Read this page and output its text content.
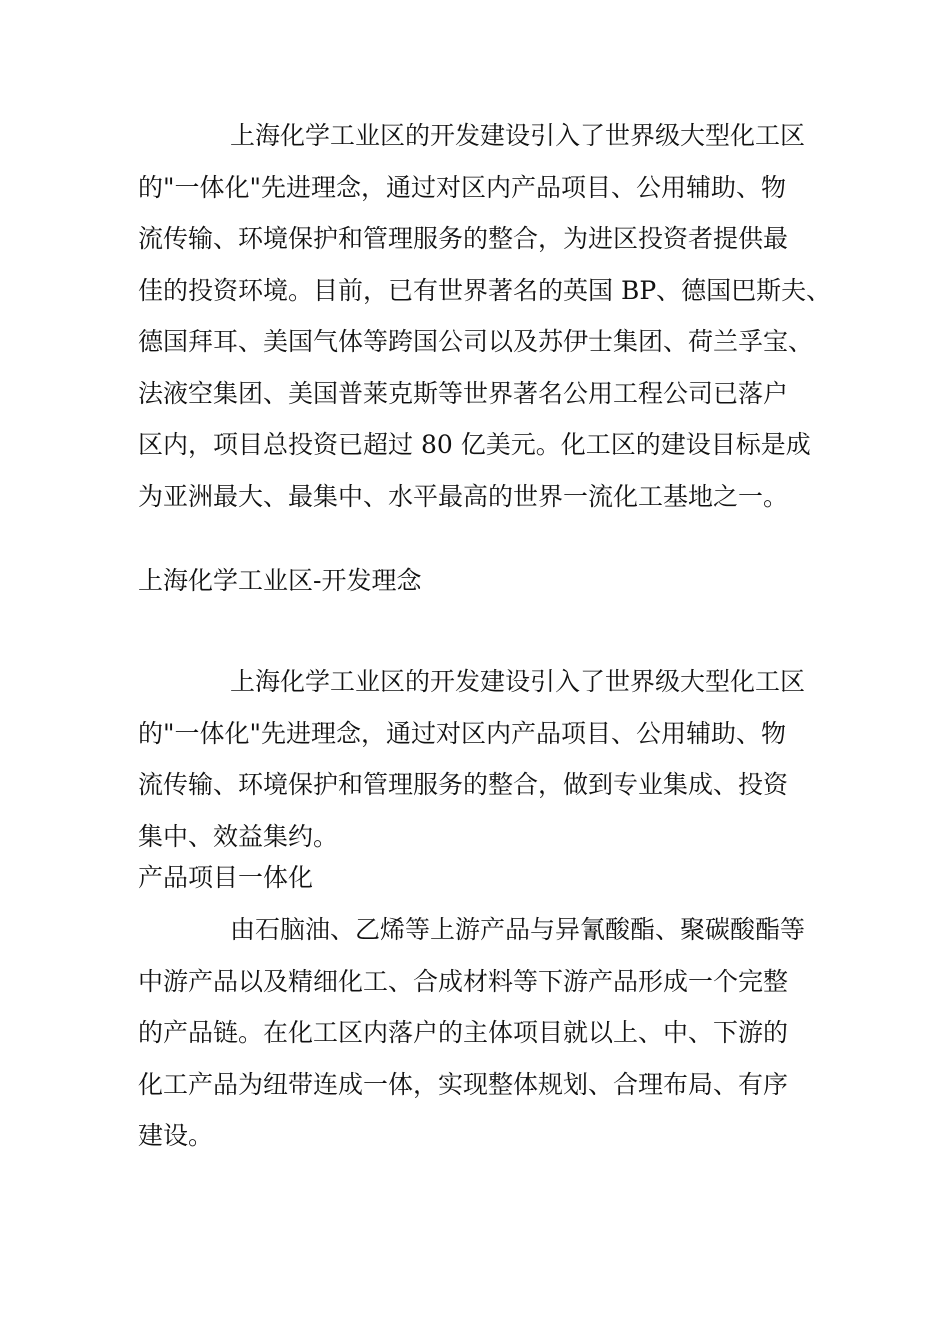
上海化学工业区的开发建设引入了世界级大型化工区
的"一体化"先进理念，通过对区内产品项目、公用辅助、物
流传输、环境保护和管理服务的整合，为进区投资者提供最
佳的投资环境。目前，已有世界著名的英国 BP、德国巴斯夫、
德国拜耳、美国气体等跨国公司以及苏伊士集团、荷兰孚宝、
法液空集团、美国普莱克斯等世界著名公用工程公司已落户
区内，项目总投资已超过 80 亿美元。化工区的建设目标是成
为亚洲最大、最集中、水平最高的世界一流化工基地之一。
上海化学工业区-开发理念
上海化学工业区的开发建设引入了世界级大型化工区
的"一体化"先进理念，通过对区内产品项目、公用辅助、物
流传输、环境保护和管理服务的整合，做到专业集成、投资
集中、效益集约。
产品项目一体化
由石脑油、乙烯等上游产品与异氰酸酯、聚碳酸酯等
中游产品以及精细化工、合成材料等下游产品形成一个完整
的产品链。在化工区内落户的主体项目就以上、中、下游的
化工产品为纽带连成一体，实现整体规划、合理布局、有序
建设。
